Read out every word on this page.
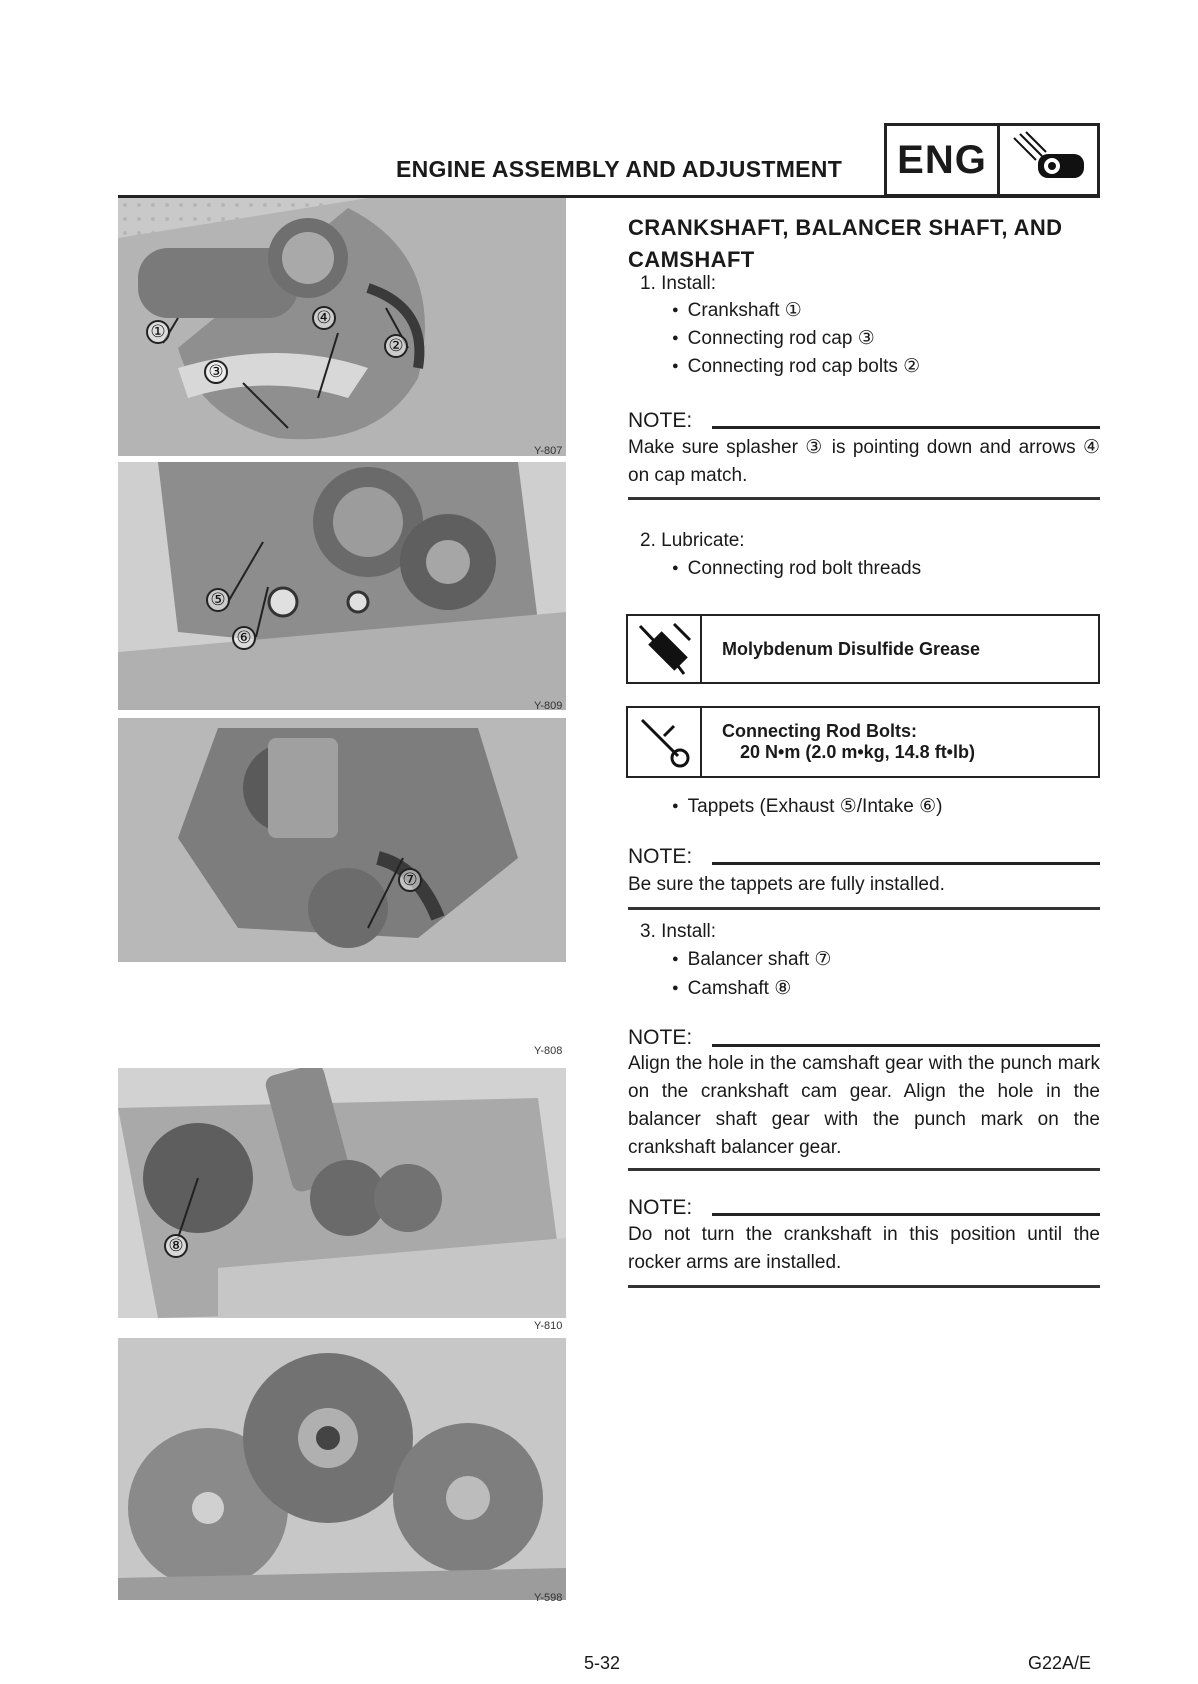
ENGINE ASSEMBLY AND ADJUSTMENT	ENG
①
④
②
③
Y-807
⑤
⑥
Y-809
⑦
Y-808
⑧
Y-810
Y-598
CRANKSHAFT, BALANCER SHAFT, AND
CAMSHAFT
1. Install:
● Crankshaft ①
● Connecting rod cap ③
● Connecting rod cap bolts ②
NOTE:
Make sure splasher ③ is pointing down and arrows ④ on cap match.
2. Lubricate:
● Connecting rod bolt threads
Molybdenum Disulfide Grease
Connecting Rod Bolts:
20 N•m (2.0 m•kg, 14.8 ft•lb)
● Tappets (Exhaust ⑤/Intake ⑥)
NOTE:
Be sure the tappets are fully installed.
3. Install:
● Balancer shaft ⑦
● Camshaft ⑧
NOTE:
Align the hole in the camshaft gear with the punch mark on the crankshaft cam gear. Align the hole in the balancer shaft gear with the punch mark on the crankshaft balancer gear.
NOTE:
Do not turn the crankshaft in this position until the rocker arms are installed.
5-32	G22A/E
